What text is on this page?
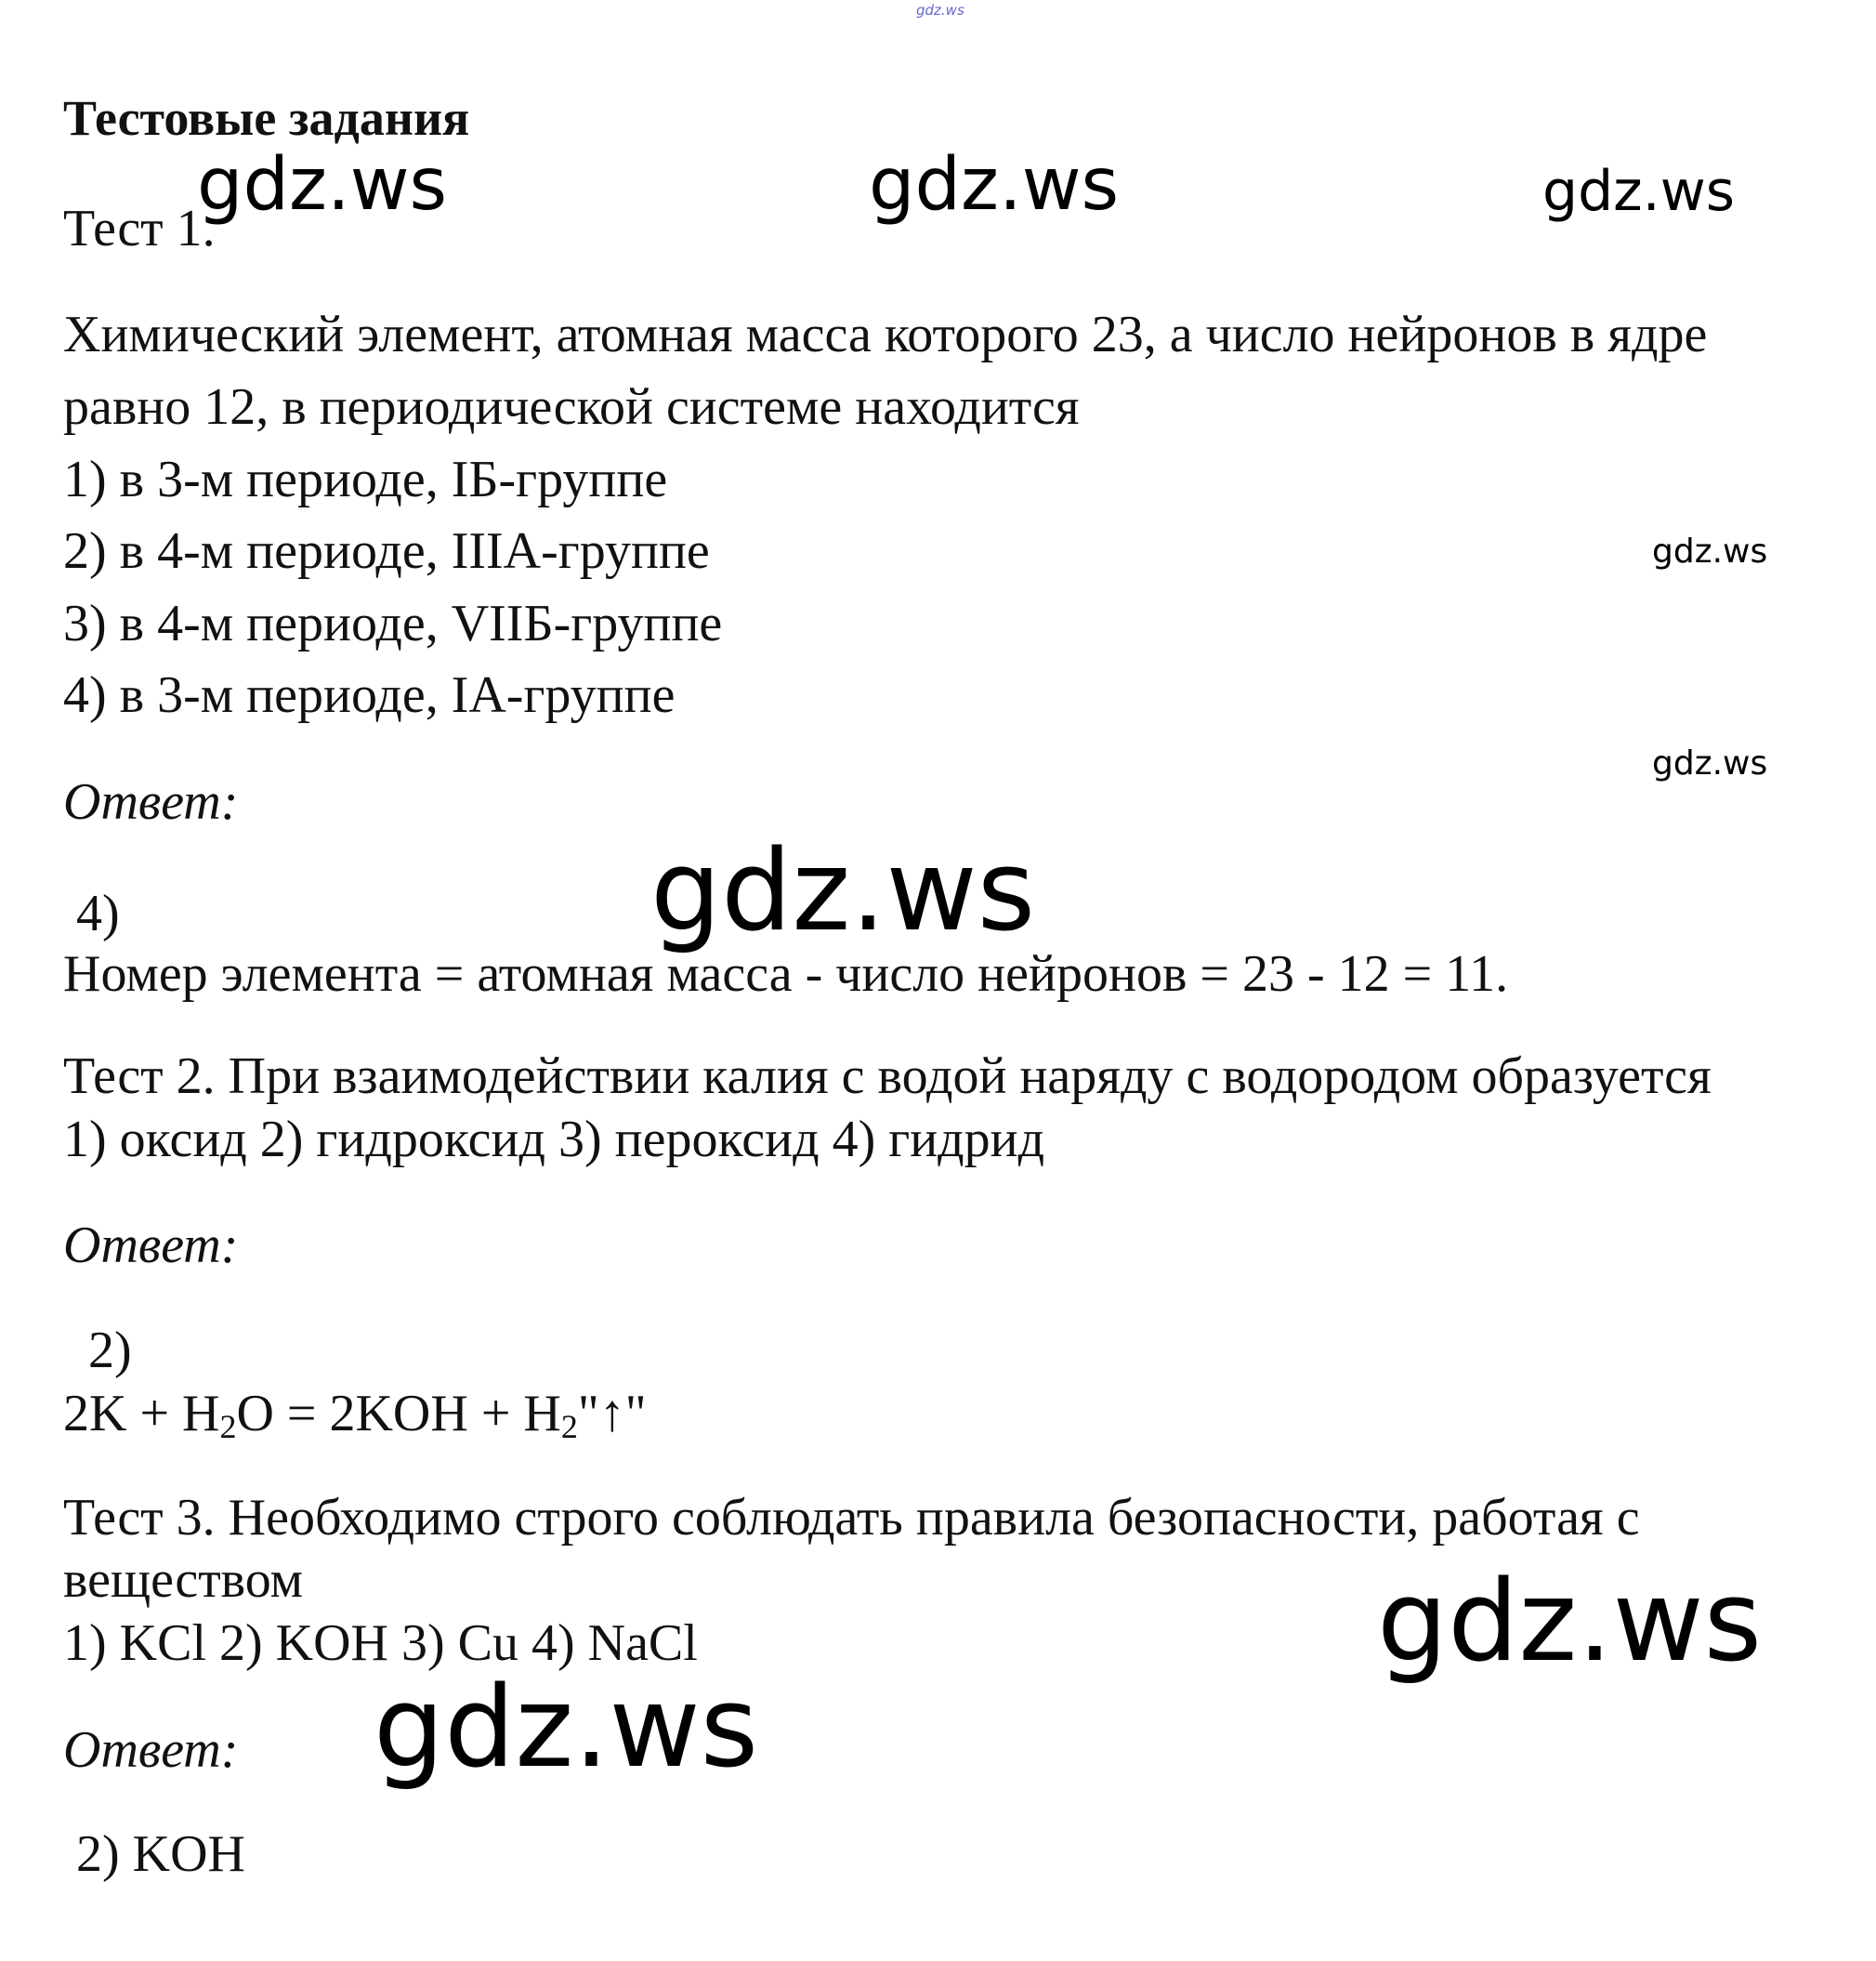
gdz.ws
gdz.ws	gdz.ws	gdz.ws
gdz.ws
gdz.ws
gdz.ws
gdz.ws
gdz.ws
Тестовые задания
Тест 1.
Химический элемент, атомная масса которого 23, а число нейронов в ядре
равно 12, в периодической системе находится
1) в 3-м периоде, IБ-группе
2) в 4-м периоде, IIIA-группе
3) в 4-м периоде, VIIБ-группе
4) в 3-м периоде, IA-группе
Ответ:
4)
Номер элемента = атомная масса - число нейронов = 23 - 12 = 11.
Тест 2. При взаимодействии калия с водой наряду с водородом образуется
1) оксид 2) гидроксид 3) пероксид 4) гидрид
Ответ:
2)
$2K + H_2O = 2KOH$ + $H_2"↑$"
Тест 3. Необходимо строго соблюдать правила безопасности, работая с
веществом
1) KCl 2) KOH 3) Cu 4) NaCl
Ответ:
2) KOH
